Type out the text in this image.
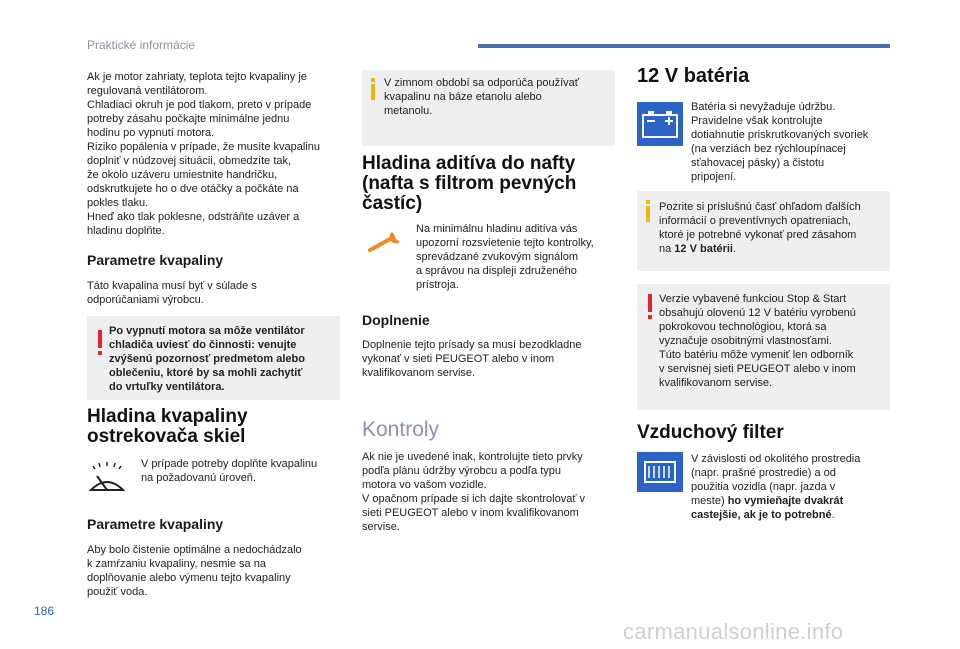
Praktické informácie
Ak je motor zahriaty, teplota tejto kvapaliny je
regulovaná ventilátorom.
Chladiaci okruh je pod tlakom, preto v prípade
potreby zásahu počkajte minimálne jednu
hodinu po vypnutí motora.
Riziko popálenia v prípade, že musíte kvapalinu
doplniť v núdzovej situácii, obmedzíte tak,
že okolo uzáveru umiestnite handričku,
odskrutkujete ho o dve otáčky a počkáte na
pokles tlaku.
Hneď ako tlak poklesne, odstráňte uzáver a
hladinu doplňte.
Parametre kvapaliny
Táto kvapalina musí byť v súlade s
odporúčaniami výrobcu.
Po vypnutí motora sa môže ventilátor
chladiča uviesť do činnosti: venujte
zvýšenú pozornosť predmetom alebo
oblečeniu, ktoré by sa mohli zachytiť
do vrtuľky ventilátora.
Hladina kvapaliny
ostrekovača skiel
V prípade potreby doplňte kvapalinu
na požadovanú úroveň.
Parametre kvapaliny
Aby bolo čistenie optimálne a nedochádzalo
k zamŕzaniu kvapaliny, nesmie sa na
doplňovanie alebo výmenu tejto kvapaliny
použiť voda.
V zimnom období sa odporúča používať
kvapalinu na báze etanolu alebo
metanolu.
Hladina aditíva do nafty
(nafta s filtrom pevných
častíc)
Na minimálnu hladinu aditíva vás
upozorní rozsvietenie tejto kontrolky,
sprevádzané zvukovým signálom
a správou na displeji združeného
prístroja.
Doplnenie
Doplnenie tejto prísady sa musí bezodkladne
vykonať v sieti PEUGEOT alebo v inom
kvalifikovanom servise.
Kontroly
Ak nie je uvedené inak, kontrolujte tieto prvky
podľa plánu údržby výrobcu a podľa typu
motora vo vašom vozidle.
V opačnom prípade si ich dajte skontrolovať v
sieti PEUGEOT alebo v inom kvalifikovanom
servise.
12 V batéria
Batéria si nevyžaduje údržbu.
Pravidelne však kontrolujte
dotiahnutie priskrutkovaných svoriek
(na verziách bez rýchloupínacej
sťahovacej pásky) a čistotu
pripojení.
Pozrite si príslušnú časť ohľadom ďalších
informácií o preventívnych opatreniach,
ktoré je potrebné vykonať pred zásahom
na 12 V batérii.
Verzie vybavené funkciou Stop & Start
obsahujú olovenú 12 V batériu vyrobenú
pokrokovou technológiou, ktorá sa
vyznačuje osobitnými vlastnosťami.
Túto batériu môže vymeniť len odborník
v servisnej sieti PEUGEOT alebo v inom
kvalifikovanom servise.
Vzduchový filter
V závislosti od okolitého prostredia
(napr. prašné prostredie) a od
použitia vozidla (napr. jazda v
meste) ho vymieňajte dvakrát
castejšie, ak je to potrebné.
186
carmanualsonline.info
